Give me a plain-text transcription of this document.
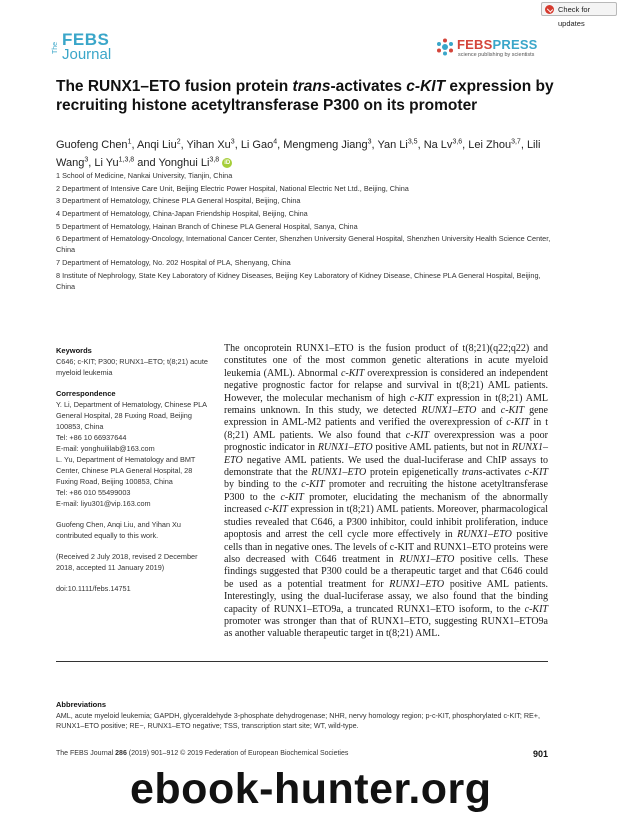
Check for updates
The FEBS
Journal
FEBSPRESS
science publishing by scientists
The RUNX1–ETO fusion protein trans-activates c-KIT expression by recruiting histone acetyltransferase P300 on its promoter
Guofeng Chen$^1$, Anqi Liu$^2$, Yihan Xu$^3$, Li Gao$^4$, Mengmeng Jiang$^3$, Yan Li$^{3,5}$, Na Lv$^{3,6}$, Lei Zhou$^{3,7}$, Lili Wang$^3$, Li Yu$^{1,3,8}$ and Yonghui Li$^{3,8}$ iD
1 School of Medicine, Nankai University, Tianjin, China
2 Department of Intensive Care Unit, Beijing Electric Power Hospital, National Electric Net Ltd., Beijing, China
3 Department of Hematology, Chinese PLA General Hospital, Beijing, China
4 Department of Hematology, China-Japan Friendship Hospital, Beijing, China
5 Department of Hematology, Hainan Branch of Chinese PLA General Hospital, Sanya, China
6 Department of Hematology-Oncology, International Cancer Center, Shenzhen University General Hospital, Shenzhen University Health Science Center, China
7 Department of Hematology, No. 202 Hospital of PLA, Shenyang, China
8 Institute of Nephrology, State Key Laboratory of Kidney Diseases, Beijing Key Laboratory of Kidney Disease, Chinese PLA General Hospital, Beijing, China
Keywords
C646; c-KIT; P300; RUNX1–ETO; t(8;21) acute myeloid leukemia
Correspondence
Y. Li, Department of Hematology, Chinese PLA General Hospital, 28 Fuxing Road, Beijing 100853, China
Tel: +86 10 66937644
E-mail: yonghuililab@163.com
L. Yu, Department of Hematology and BMT Center, Chinese PLA General Hospital, 28 Fuxing Road, Beijing 100853, China
Tel: +86 010 55499003
E-mail: liyu301@vip.163.com
Guofeng Chen, Anqi Liu, and Yihan Xu contributed equally to this work.
(Received 2 July 2018, revised 2 December 2018, accepted 11 January 2019)
doi:10.1111/febs.14751

The oncoprotein RUNX1–ETO is the fusion product of t(8;21)(q22;q22) and constitutes one of the most common genetic alterations in acute myeloid leukemia (AML). Abnormal c-KIT overexpression is considered an independent negative prognostic factor for relapse and survival in t(8;21) AML patients. However, the molecular mechanism of high c-KIT expression in t(8;21) AML remains unknown. In this study, we detected RUNX1–ETO and c-KIT gene expression in AML-M2 patients and verified the overexpression of c-KIT in t (8;21) AML patients. We also found that c-KIT overexpression was a poor prognostic indicator in RUNX1–ETO positive AML patients, but not in RUNX1–ETO negative AML patients. We used the dual-luciferase and ChIP assays to demonstrate that the RUNX1–ETO protein epigenetically trans-activates c-KIT by binding to the c-KIT promoter and recruiting the histone acetyltransferase P300 to the c-KIT promoter, elucidating the mechanism of the abnormally increased c-KIT expression in t(8;21) AML patients. Moreover, pharmacological studies revealed that C646, a P300 inhibitor, could inhibit proliferation, induce apoptosis and arrest the cell cycle more effectively in RUNX1–ETO positive cells than in negative ones. The levels of c-KIT and RUNX1–ETO proteins were also decreased with C646 treatment in RUNX1–ETO positive cells. These findings suggested that P300 could be a therapeutic target and that C646 could be used as a potential treatment for RUNX1–ETO positive AML patients. Interestingly, using the dual-luciferase assay, we also found that the binding capacity of RUNX1–ETO9a, a truncated RUNX1–ETO isoform, to the c-KIT promoter was stronger than that of RUNX1–ETO, suggesting RUNX1–ETO9a as another valuable therapeutic target in t(8;21) AML.

Abbreviations
AML, acute myeloid leukemia; GAPDH, glyceraldehyde 3-phosphate dehydrogenase; NHR, nervy homology region; p-c-KIT, phosphorylated c-KIT; RE+, RUNX1–ETO positive; RE−, RUNX1–ETO negative; TSS, transcription start site; WT, wild-type.
The FEBS Journal 286 (2019) 901–912 © 2019 Federation of European Biochemical Societies	901
ebook-hunter.org
